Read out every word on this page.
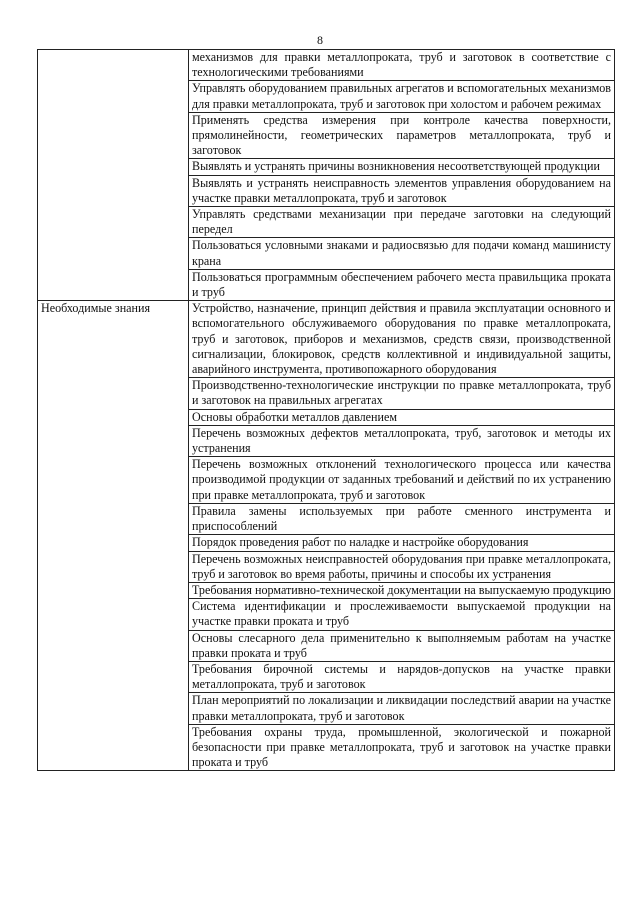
8
	механизмов для правки металлопроката, труб и заготовок в соответствие с технологическими требованиями
	Управлять оборудованием правильных агрегатов и вспомогательных механизмов для правки металлопроката, труб и заготовок при холостом и рабочем режимах
	Применять средства измерения при контроле качества поверхности, прямолинейности, геометрических параметров металлопроката, труб и заготовок
	Выявлять и устранять причины возникновения несоответствующей продукции
	Выявлять и устранять неисправность элементов управления оборудованием на участке правки металлопроката, труб и заготовок
	Управлять средствами механизации при передаче заготовки на следующий передел
	Пользоваться условными знаками и радиосвязью для подачи команд машинисту крана
	Пользоваться программным обеспечением рабочего места правильщика проката и труб
Необходимые знания	Устройство, назначение, принцип действия и правила эксплуатации основного и вспомогательного обслуживаемого оборудования по правке металлопроката, труб и заготовок, приборов и механизмов, средств связи, производственной сигнализации, блокировок, средств коллективной и индивидуальной защиты, аварийного инструмента, противопожарного оборудования
	Производственно-технологические инструкции по правке металлопроката, труб и заготовок на правильных агрегатах
	Основы обработки металлов давлением
	Перечень возможных дефектов металлопроката, труб, заготовок и методы их устранения
	Перечень возможных отклонений технологического процесса или качества производимой продукции от заданных требований и действий по их устранению при правке металлопроката, труб и заготовок
	Правила замены используемых при работе сменного инструмента и приспособлений
	Порядок проведения работ по наладке и настройке оборудования
	Перечень возможных неисправностей оборудования при правке металлопроката, труб и заготовок во время работы, причины и способы их устранения
	Требования нормативно-технической документации на выпускаемую продукцию
	Система идентификации и прослеживаемости выпускаемой продукции на участке правки проката и труб
	Основы слесарного дела применительно к выполняемым работам на участке правки проката и труб
	Требования бирочной системы и нарядов-допусков на участке правки металлопроката, труб и заготовок
	План мероприятий по локализации и ликвидации последствий аварии на участке правки металлопроката, труб и заготовок
	Требования охраны труда, промышленной, экологической и пожарной безопасности при правке металлопроката, труб и заготовок на участке правки проката и труб
